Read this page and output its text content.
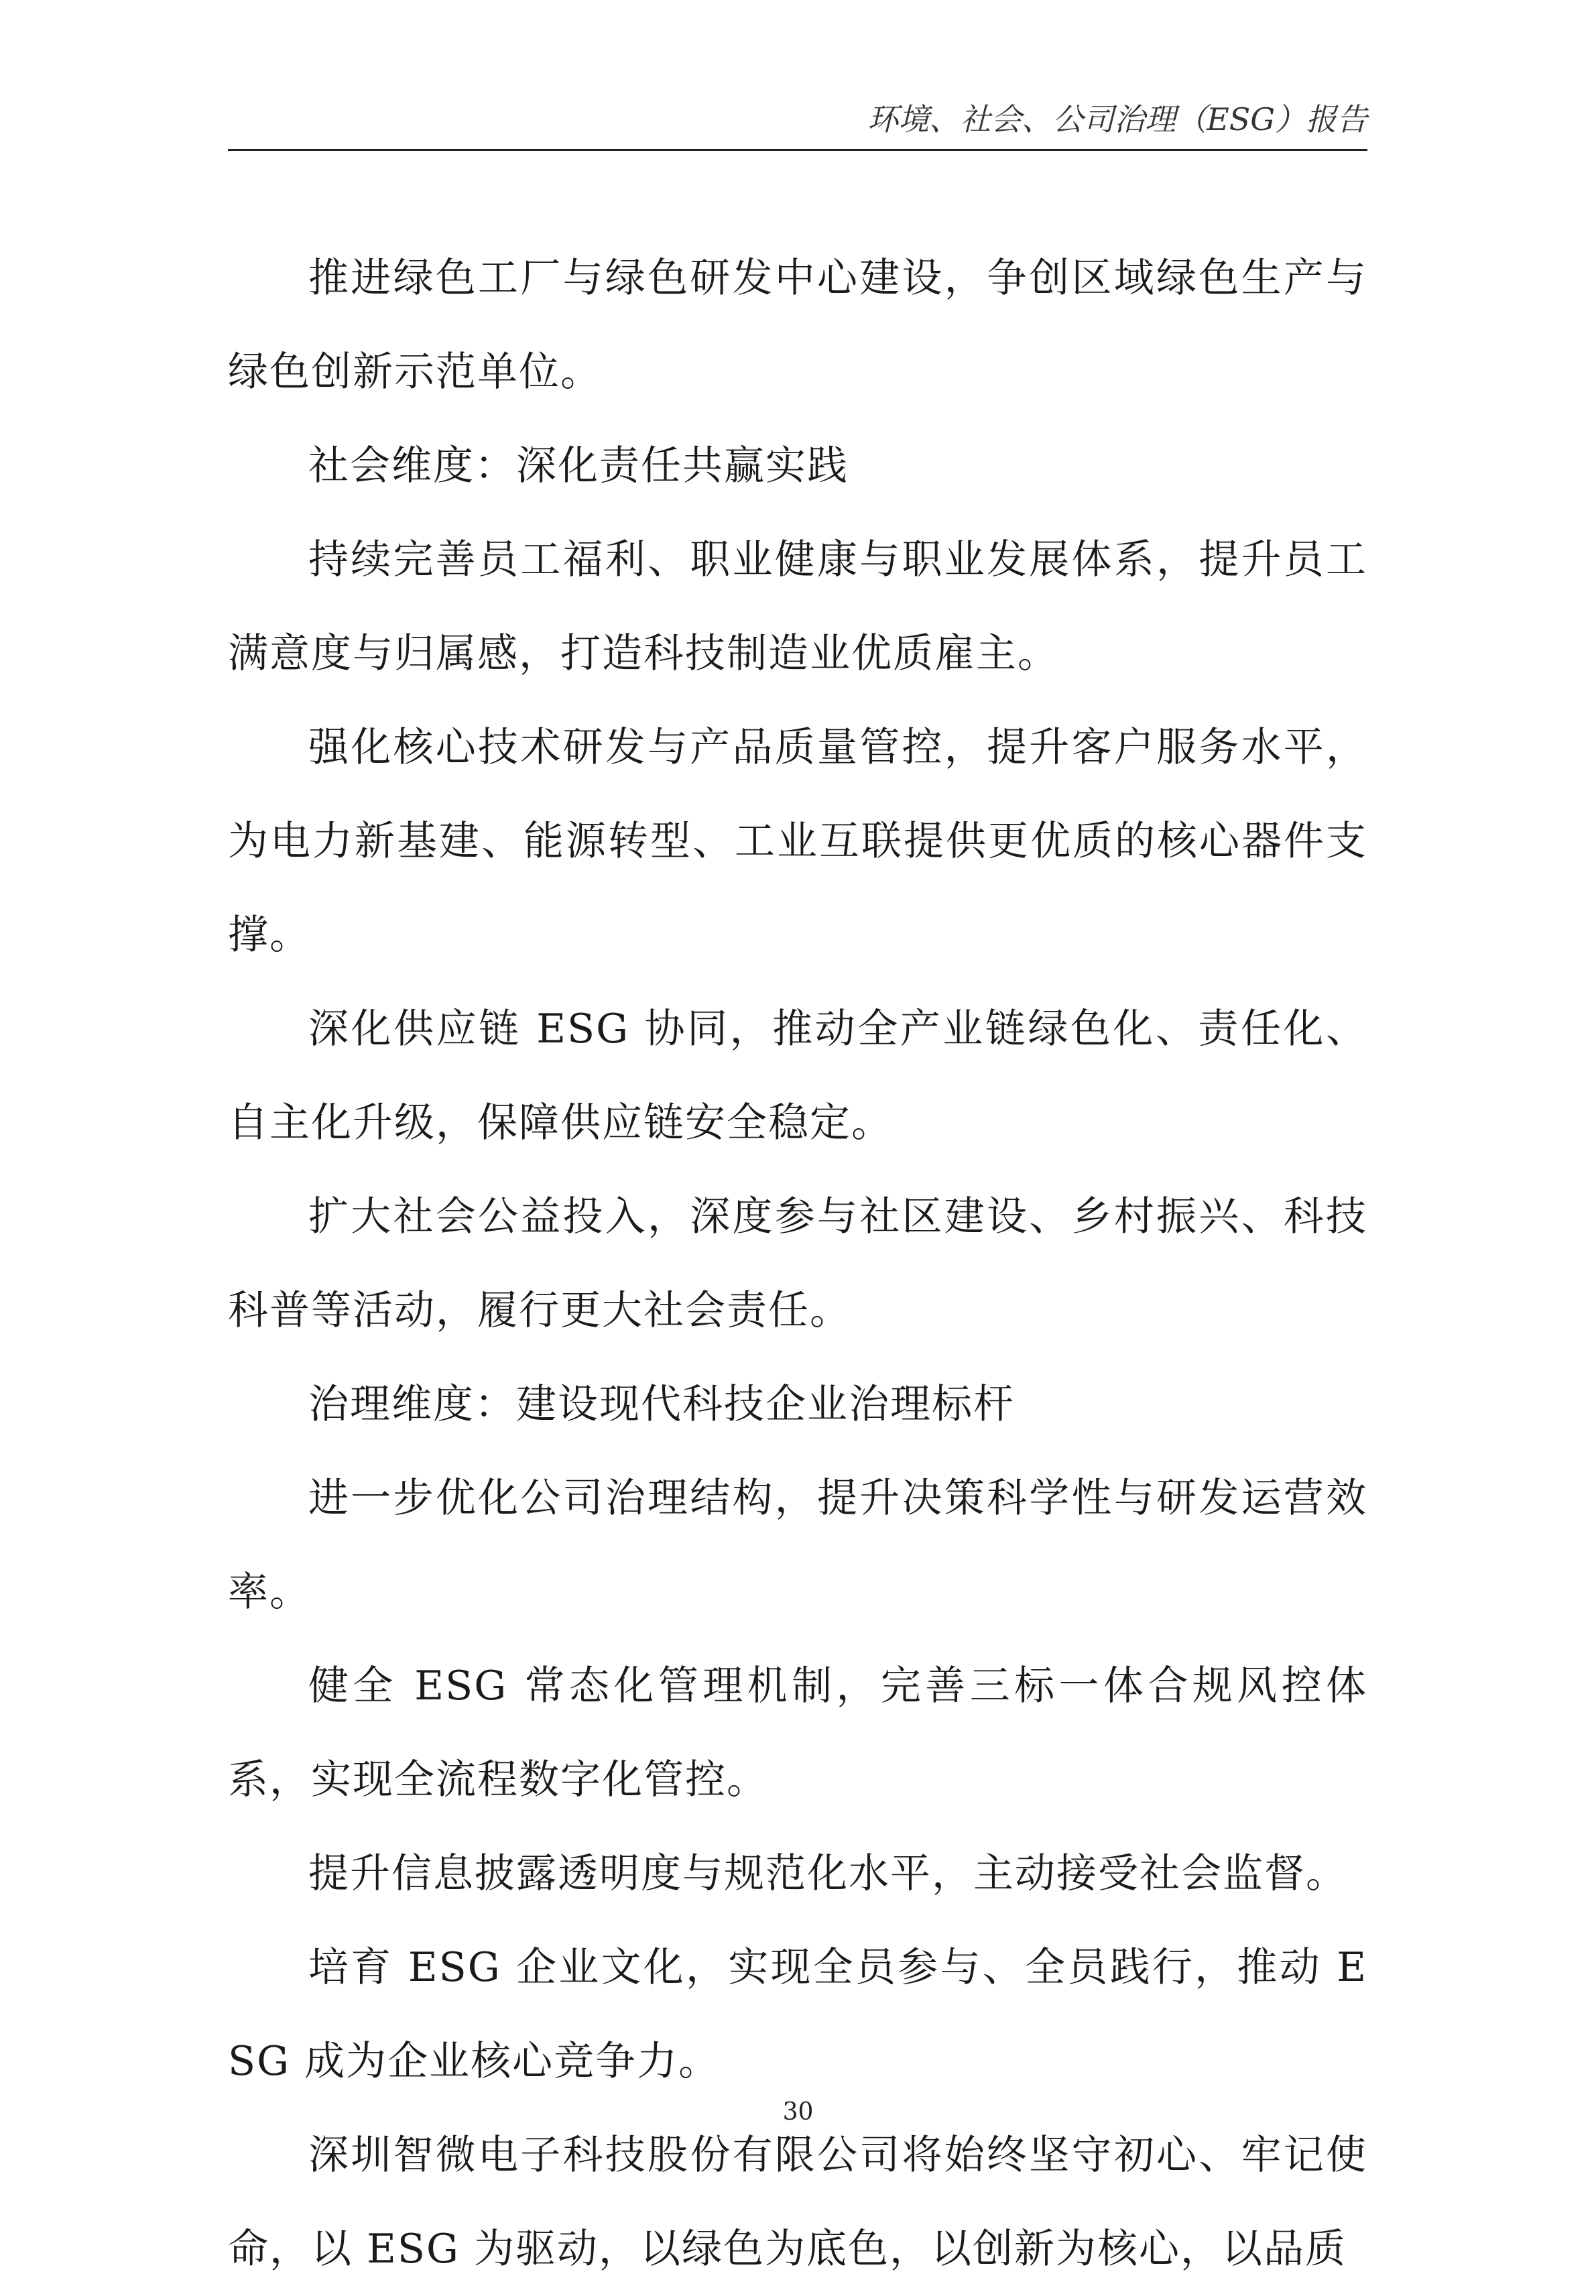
环境、社会、公司治理（ESG）报告

推进绿色工厂与绿色研发中心建设，争创区域绿色生产与绿色创新示范单位。

社会维度：深化责任共赢实践

持续完善员工福利、职业健康与职业发展体系，提升员工满意度与归属感，打造科技制造业优质雇主。

强化核心技术研发与产品质量管控，提升客户服务水平，为电力新基建、能源转型、工业互联提供更优质的核心器件支撑。

深化供应链 ESG 协同，推动全产业链绿色化、责任化、自主化升级，保障供应链安全稳定。

扩大社会公益投入，深度参与社区建设、乡村振兴、科技科普等活动，履行更大社会责任。

治理维度：建设现代科技企业治理标杆

进一步优化公司治理结构，提升决策科学性与研发运营效率。

健全 ESG 常态化管理机制，完善三标一体合规风控体系，实现全流程数字化管控。

提升信息披露透明度与规范化水平，主动接受社会监督。

培育 ESG 企业文化，实现全员参与、全员践行，推动 ESG 成为企业核心竞争力。

深圳智微电子科技股份有限公司将始终坚守初心、牢记使命，以 ESG 为驱动，以绿色为底色，以创新为核心，以品质

30
